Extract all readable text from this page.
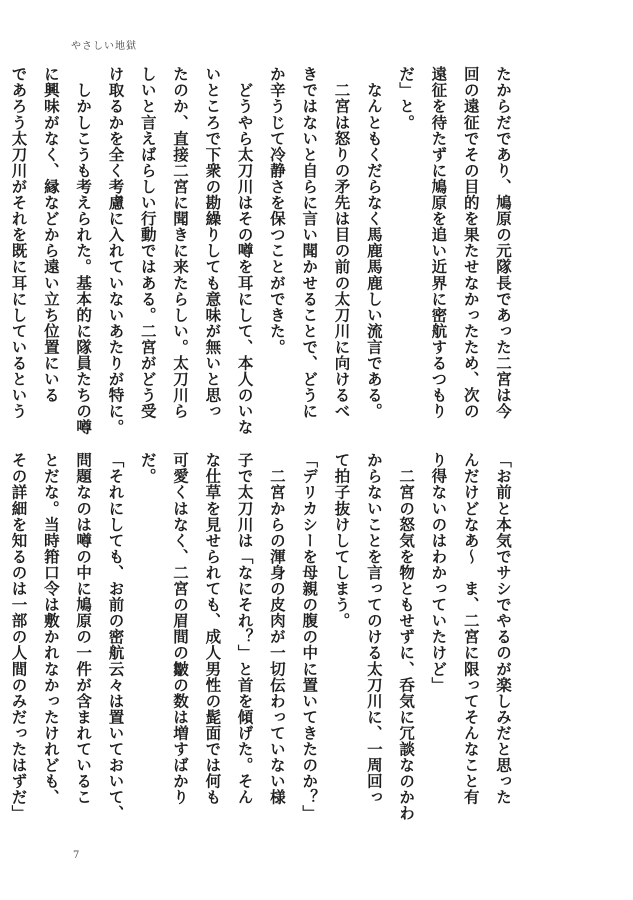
やさしい地獄

たからだであり、鳩原の元隊長であった二宮は今

回の遠征でその目的を果たせなかったため、次の

遠征を待たずに鳩原を追い近界に密航するつもり

だ」と。

　なんともくだらなく馬鹿馬鹿しい流言である。

　二宮は怒りの矛先は目の前の太刀川に向けるべ

きではないと自らに言い聞かせることで、どうに

か辛うじて冷静さを保つことができた。

　どうやら太刀川はその噂を耳にして、本人のいな

いところで下衆の勘繰りしても意味が無いと思っ

たのか、直接二宮に聞きに来たらしい。太刀川ら

しいと言えばらしい行動ではある。二宮がどう受

け取るかを全く考慮に入れていないあたりが特に。

　しかしこうも考えられた。基本的に隊員たちの噂

に興味がなく、縁などから遠い立ち位置にいる

であろう太刀川がそれを既に耳にしているという

「お前と本気でサシでやるのが楽しみだと思った

んだけどなあ〜　ま、二宮に限ってそんなこと有

り得ないのはわかっていたけど」

　二宮の怒気を物ともせずに、呑気に冗談なのかわ

からないことを言ってのける太刀川に、一周回っ

て拍子抜けしてしまう。

「デリカシーを母親の腹の中に置いてきたのか？」

　二宮からの渾身の皮肉が一切伝わっていない様

子で太刀川は「なにそれ？」と首を傾げた。そん

な仕草を見せられても、成人男性の髭面では何も

可愛くはなく、二宮の眉間の皺の数は増すばかり

だ。

「それにしても、お前の密航云々は置いておいて、

問題なのは噂の中に鳩原の一件が含まれているこ

とだな。当時箝口令は敷かれなかったけれども、

その詳細を知るのは一部の人間のみだったはずだ」

7
